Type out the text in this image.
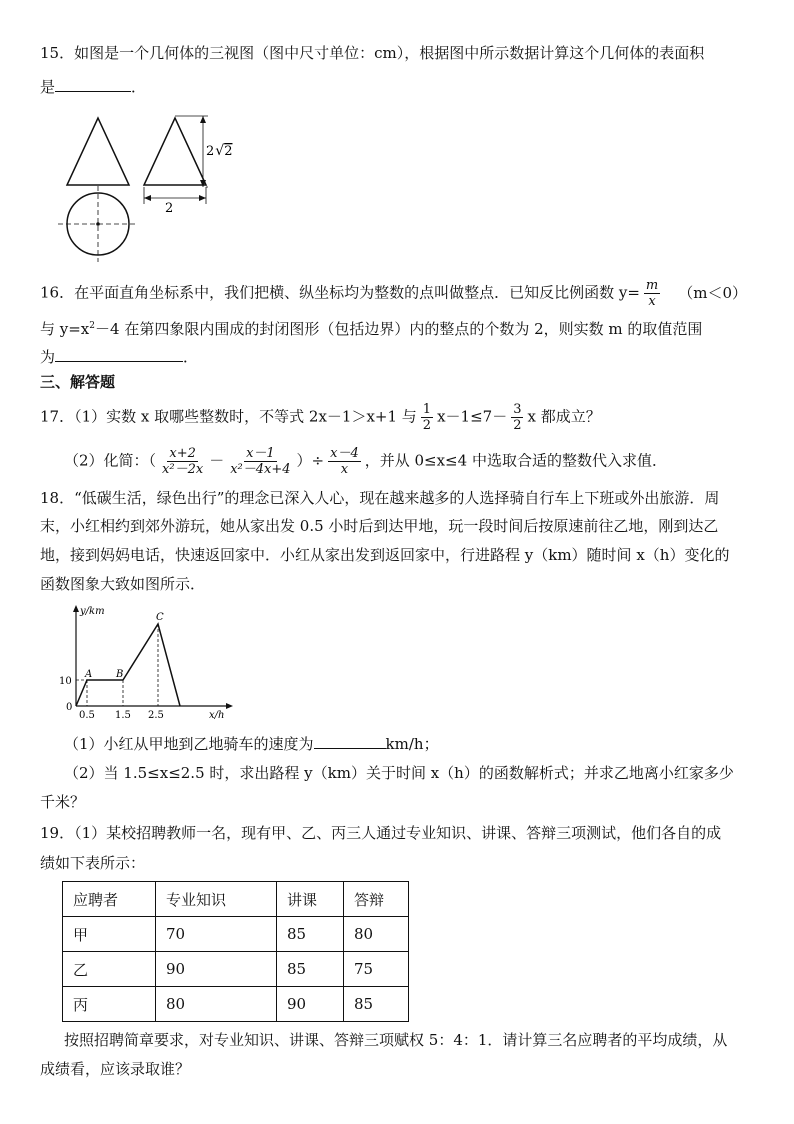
15．如图是一个几何体的三视图（图中尺寸单位：cm），根据图中所示数据计算这个几何体的表面积
是	．
2
2√2
16．在平面直角坐标系中，我们把横、纵坐标均为整数的点叫做整点．已知反比例函数 $y= \frac{m}{x} (m<0)$
与 $y=x^2-4$ 在第四象限内围成的封闭图形（包括边界）内的整点的个数为 2，则实数 m 的取值范围
为	．
三、解答题
17．（1）实数 x 取哪些整数时，不等式 2x－1＞x+1 与 $\frac{1}{2} x-1\le 7- \frac{3}{2}$ x 都成立？
（2）化简：（ $\frac{x+2}{\text{x²－2x}} - \frac{x-1}{\text{x²－4x+4}}$ ）÷ $\frac{x-4}{x}$ ，并从 0≤x≤4 中选取合适的整数代入求值．
18．“低碳生活，绿色出行”的理念已深入人心，现在越来越多的人选择骑自行车上下班或外出旅游．周
末，小红相约到郊外游玩，她从家出发 0.5 小时后到达甲地，玩一段时间后按原速前往乙地，刚到达乙
地，接到妈妈电话，快速返回家中．小红从家出发到返回家中，行进路程 y（km）随时间 x（h）变化的
函数图象大致如图所示．
y/km
x/h
0
10
0.5 1.5 2.5
A B
C
（1）小红从甲地到乙地骑车的速度为	km/h；
（2）当 1.5≤x≤2.5 时，求出路程 y（km）关于时间 x（h）的函数解析式；并求乙地离小红家多少
千米？
19．（1）某校招聘教师一名，现有甲、乙、丙三人通过专业知识、讲课、答辩三项测试，他们各自的成
绩如下表所示：
应聘者	专业知识	讲课	答辩
甲	70	85	80
乙	90	85	75
丙	80	90	85
按照招聘简章要求，对专业知识、讲课、答辩三项赋权 5：4：1．请计算三名应聘者的平均成绩，从
成绩看，应该录取谁？
